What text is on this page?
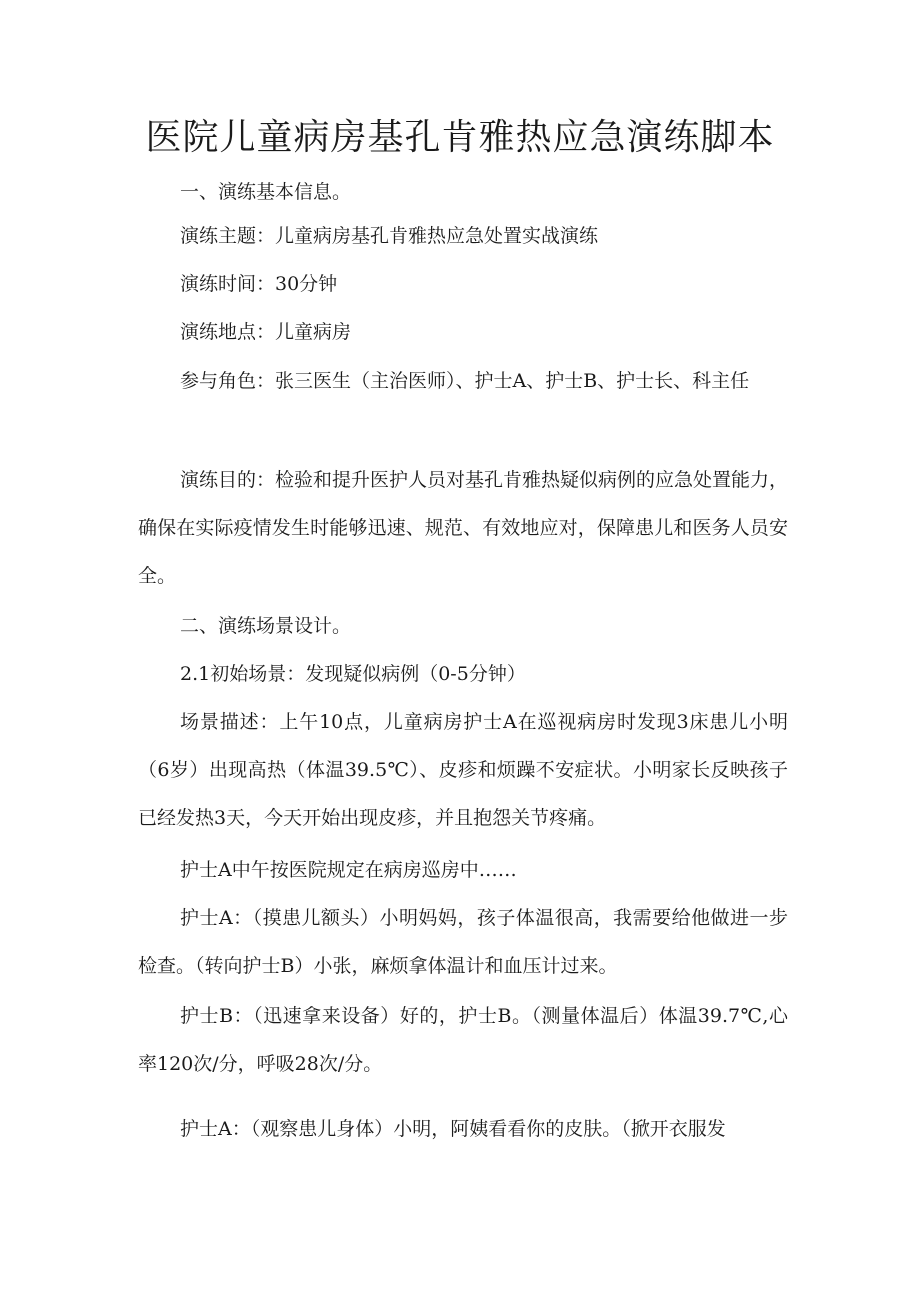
医院儿童病房基孔肯雅热应急演练脚本

一、演练基本信息。

演练主题：儿童病房基孔肯雅热应急处置实战演练

演练时间：30分钟

演练地点：儿童病房

参与角色：张三医生（主治医师）、护士A、护士B、护士长、科主任

演练目的：检验和提升医护人员对基孔肯雅热疑似病例的应急处置能力，确保在实际疫情发生时能够迅速、规范、有效地应对，保障患儿和医务人员安全。

二、演练场景设计。

2.1初始场景：发现疑似病例（0-5分钟）

场景描述：上午10点，儿童病房护士A在巡视病房时发现3床患儿小明（6岁）出现高热（体温39.5℃）、皮疹和烦躁不安症状。小明家长反映孩子已经发热3天，今天开始出现皮疹，并且抱怨关节疼痛。

护士A中午按医院规定在病房巡房中……

护士A：（摸患儿额头）小明妈妈，孩子体温很高，我需要给他做进一步检查。（转向护士B）小张，麻烦拿体温计和血压计过来。

护士B：（迅速拿来设备）好的，护士B。（测量体温后）体温39.7℃,心率120次/分，呼吸28次/分。

护士A：（观察患儿身体）小明，阿姨看看你的皮肤。（掀开衣服发
